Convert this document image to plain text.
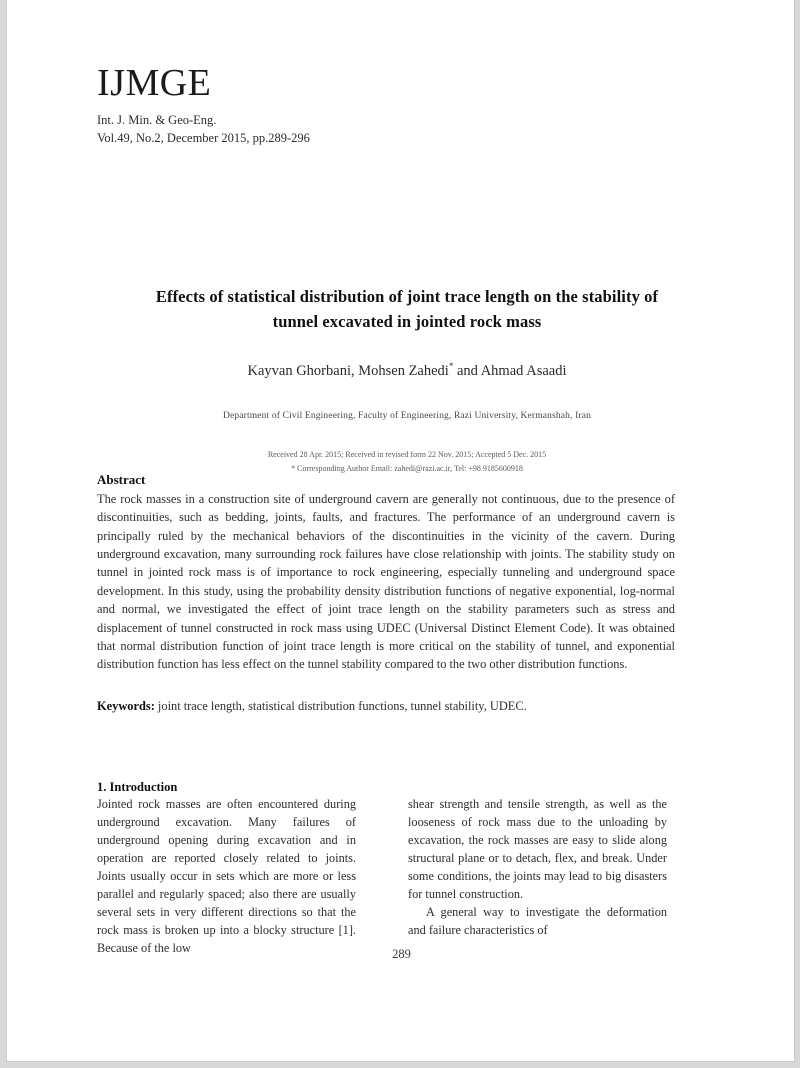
IJMGE
Int. J. Min. & Geo-Eng.
Vol.49, No.2, December 2015, pp.289-296
Effects of statistical distribution of joint trace length on the stability of
tunnel excavated in jointed rock mass
Kayvan Ghorbani, Mohsen Zahedi* and Ahmad Asaadi
Department of Civil Engineering, Faculty of Engineering, Razi University, Kermanshah, Iran
Received 28 Apr. 2015; Received in revised form 22 Nov. 2015; Accepted 5 Dec. 2015
* Corresponding Author Email: zahedi@razi.ac.ir, Tel: +98 9185600918
Abstract
The rock masses in a construction site of underground cavern are generally not continuous, due to the presence of discontinuities, such as bedding, joints, faults, and fractures. The performance of an underground cavern is principally ruled by the mechanical behaviors of the discontinuities in the vicinity of the cavern. During underground excavation, many surrounding rock failures have close relationship with joints. The stability study on tunnel in jointed rock mass is of importance to rock engineering, especially tunneling and underground space development. In this study, using the probability density distribution functions of negative exponential, log-normal and normal, we investigated the effect of joint trace length on the stability parameters such as stress and displacement of tunnel constructed in rock mass using UDEC (Universal Distinct Element Code). It was obtained that normal distribution function of joint trace length is more critical on the stability of tunnel, and exponential distribution function has less effect on the tunnel stability compared to the two other distribution functions.
Keywords: joint trace length, statistical distribution functions, tunnel stability, UDEC.
1. Introduction

Jointed rock masses are often encountered during underground excavation. Many failures of underground opening during excavation and in operation are reported closely related to joints. Joints usually occur in sets which are more or less parallel and regularly spaced; also there are usually several sets in very different directions so that the rock mass is broken up into a blocky structure [1]. Because of the low

shear strength and tensile strength, as well as the looseness of rock mass due to the unloading by excavation, the rock masses are easy to slide along structural plane or to detach, flex, and break. Under some conditions, the joints may lead to big disasters for tunnel construction.

A general way to investigate the deformation and failure characteristics of

289
